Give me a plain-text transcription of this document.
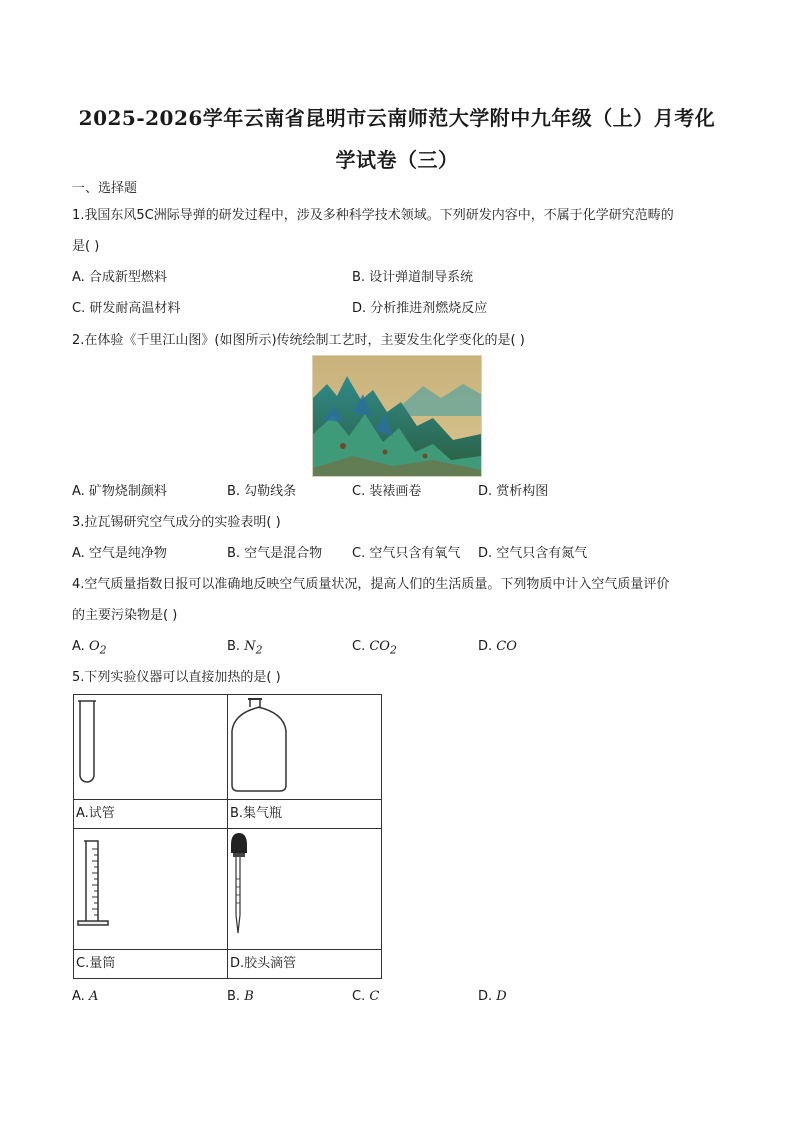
2025-2026学年云南省昆明市云南师范大学附中九年级（上）月考化
学试卷（三）
一、选择题
1.我国东风5C洲际导弹的研发过程中，涉及多种科学技术领域。下列研发内容中，不属于化学研究范畴的
是( )
A. 合成新型燃料	B. 设计弹道制导系统
C. 研发耐高温材料	D. 分析推进剂燃烧反应
2.在体验《千里江山图》(如图所示)传统绘制工艺时，主要发生化学变化的是( )
A. 矿物烧制颜料	B. 勾勒线条	C. 装裱画卷	D. 赏析构图
3.拉瓦锡研究空气成分的实验表明( )
A. 空气是纯净物	B. 空气是混合物 C. 空气只含有氧气 D. 空气只含有氮气
4.空气质量指数日报可以准确地反映空气质量状况，提高人们的生活质量。下列物质中计入空气质量评价
的主要污染物是( )
A. $O_2$	B. $N_2$	C. $CO_2$	D. CO
5.下列实验仪器可以直接加热的是( )

A.试管	B.集气瓶

C.量筒	D.胶头滴管
A. A	B. B	C. C	D. D
